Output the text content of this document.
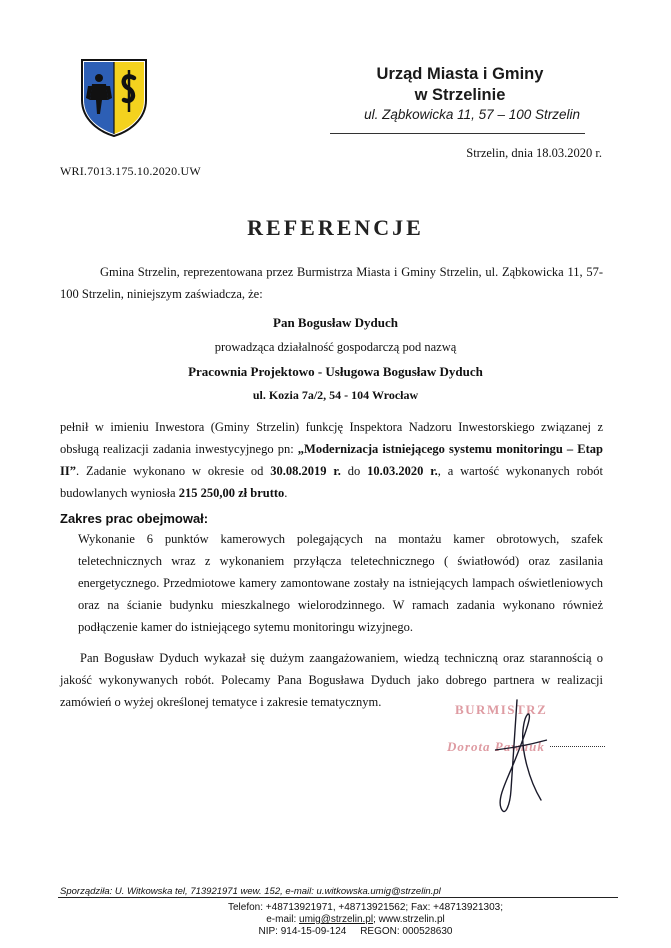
Urząd Miasta i Gminy
w Strzelinie
ul. Ząbkowicka 11, 57 – 100 Strzelin
Strzelin, dnia 18.03.2020 r.
WRI.7013.175.10.2020.UW
REFERENCJE
Gmina Strzelin, reprezentowana przez Burmistrza Miasta i Gminy Strzelin, ul. Ząbkowicka 11, 57-100 Strzelin, niniejszym zaświadcza, że:
Pan Bogusław Dyduch
prowadząca działalność gospodarczą pod nazwą
Pracownia Projektowo - Usługowa Bogusław Dyduch
ul. Kozia 7a/2, 54 - 104 Wrocław
pełnił w imieniu Inwestora (Gminy Strzelin) funkcję Inspektora Nadzoru Inwestorskiego związanej z obsługą realizacji zadania inwestycyjnego pn: „Modernizacja istniejącego systemu monitoringu – Etap II”. Zadanie wykonano w okresie od 30.08.2019 r. do 10.03.2020 r., a wartość wykonanych robót budowlanych wyniosła 215 250,00 zł brutto.
Zakres prac obejmował:
Wykonanie 6 punktów kamerowych polegających na montażu kamer obrotowych, szafek teletechnicznych wraz z wykonaniem przyłącza teletechnicznego ( światłowód) oraz zasilania energetycznego. Przedmiotowe kamery zamontowane zostały na istniejących lampach oświetleniowych oraz na ścianie budynku mieszkalnego wielorodzinnego. W ramach zadania wykonano również podłączenie kamer do istniejącego sytemu monitoringu wizyjnego.
Pan Bogusław Dyduch wykazał się dużym zaangażowaniem, wiedzą techniczną oraz starannością o jakość wykonywanych robót. Polecamy Pana Bogusława Dyduch jako dobrego partnera w realizacji zamówień o wyżej określonej tematyce i zakresie tematycznym.	BURMISTRZ
Dorota Pawnuk
Sporządziła: U. Witkowska tel, 713921971 wew. 152, e-mail: u.witkowska.umig@strzelin.pl
Telefon: +48713921971, +48713921562; Fax: +48713921303;
e-mail: umig@strzelin.pl; www.strzelin.pl
NIP: 914-15-09-124     REGON: 000528630
